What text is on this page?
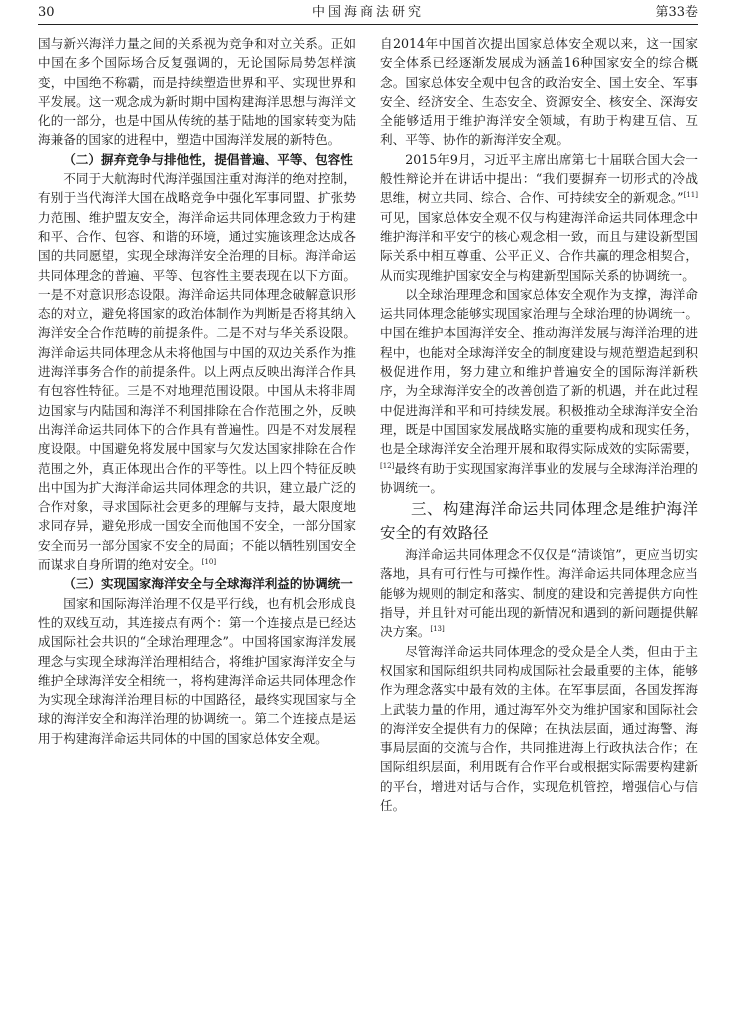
30	中国海商法研究	第33卷

国与新兴海洋力量之间的关系视为竞争和对立关系。正如中国在多个国际场合反复强调的，无论国际局势怎样演变，中国绝不称霸，而是持续塑造世界和平、实现世界和平发展。这一观念成为新时期中国构建海洋思想与海洋文化的一部分，也是中国从传统的基于陆地的国家转变为陆海兼备的国家的进程中，塑造中国海洋发展的新特色。

（二）摒弃竞争与排他性，提倡普遍、平等、包容性

不同于大航海时代海洋强国注重对海洋的绝对控制，有别于当代海洋大国在战略竞争中强化军事同盟、扩张势力范围、维护盟友安全，海洋命运共同体理念致力于构建和平、合作、包容、和谐的环境，通过实施该理念达成各国的共同愿望，实现全球海洋安全治理的目标。海洋命运共同体理念的普遍、平等、包容性主要表现在以下方面。一是不对意识形态设限。海洋命运共同体理念破解意识形态的对立，避免将国家的政治体制作为判断是否将其纳入海洋安全合作范畴的前提条件。二是不对与华关系设限。海洋命运共同体理念从未将他国与中国的双边关系作为推进海洋事务合作的前提条件。以上两点反映出海洋合作具有包容性特征。三是不对地理范围设限。中国从未将非周边国家与内陆国和海洋不利国排除在合作范围之外，反映出海洋命运共同体下的合作具有普遍性。四是不对发展程度设限。中国避免将发展中国家与欠发达国家排除在合作范围之外，真正体现出合作的平等性。以上四个特征反映出中国为扩大海洋命运共同体理念的共识，建立最广泛的合作对象，寻求国际社会更多的理解与支持，最大限度地求同存异，避免形成一国安全而他国不安全，一部分国家安全而另一部分国家不安全的局面；不能以牺牲别国安全而谋求自身所谓的绝对安全。[10]

（三）实现国家海洋安全与全球海洋利益的协调统一

国家和国际海洋治理不仅是平行线，也有机会形成良性的双线互动，其连接点有两个：第一个连接点是已经达成国际社会共识的“全球治理理念”。中国将国家海洋发展理念与实现全球海洋治理相结合，将维护国家海洋安全与维护全球海洋安全相统一，将构建海洋命运共同体理念作为实现全球海洋治理目标的中国路径，最终实现国家与全球的海洋安全和海洋治理的协调统一。第二个连接点是运用于构建海洋命运共同体的中国的国家总体安全观。

自2014年中国首次提出国家总体安全观以来，这一国家安全体系已经逐渐发展成为涵盖16种国家安全的综合概念。国家总体安全观中包含的政治安全、国土安全、军事安全、经济安全、生态安全、资源安全、核安全、深海安全能够适用于维护海洋安全领域，有助于构建互信、互利、平等、协作的新海洋安全观。

2015年9月，习近平主席出席第七十届联合国大会一般性辩论并在讲话中提出：“我们要摒弃一切形式的冷战思维，树立共同、综合、合作、可持续安全的新观念。”[11]可见，国家总体安全观不仅与构建海洋命运共同体理念中维护海洋和平安宁的核心观念相一致，而且与建设新型国际关系中相互尊重、公平正义、合作共赢的理念相契合，从而实现维护国家安全与构建新型国际关系的协调统一。

以全球治理理念和国家总体安全观作为支撑，海洋命运共同体理念能够实现国家治理与全球治理的协调统一。中国在维护本国海洋安全、推动海洋发展与海洋治理的进程中，也能对全球海洋安全的制度建设与规范塑造起到积极促进作用，努力建立和维护普遍安全的国际海洋新秩序，为全球海洋安全的改善创造了新的机遇，并在此过程中促进海洋和平和可持续发展。积极推动全球海洋安全治理，既是中国国家发展战略实施的重要构成和现实任务，也是全球海洋安全治理开展和取得实际成效的实际需要，[12]最终有助于实现国家海洋事业的发展与全球海洋治理的协调统一。

三、构建海洋命运共同体理念是维护海洋安全的有效路径

海洋命运共同体理念不仅仅是“清谈馆”，更应当切实落地，具有可行性与可操作性。海洋命运共同体理念应当能够为规则的制定和落实、制度的建设和完善提供方向性指导，并且针对可能出现的新情况和遇到的新问题提供解决方案。[13]

尽管海洋命运共同体理念的受众是全人类，但由于主权国家和国际组织共同构成国际社会最重要的主体，能够作为理念落实中最有效的主体。在军事层面，各国发挥海上武装力量的作用，通过海军外交为维护国家和国际社会的海洋安全提供有力的保障；在执法层面，通过海警、海事局层面的交流与合作，共同推进海上行政执法合作；在国际组织层面，利用既有合作平台或根据实际需要构建新的平台，增进对话与合作，实现危机管控，增强信心与信任。
